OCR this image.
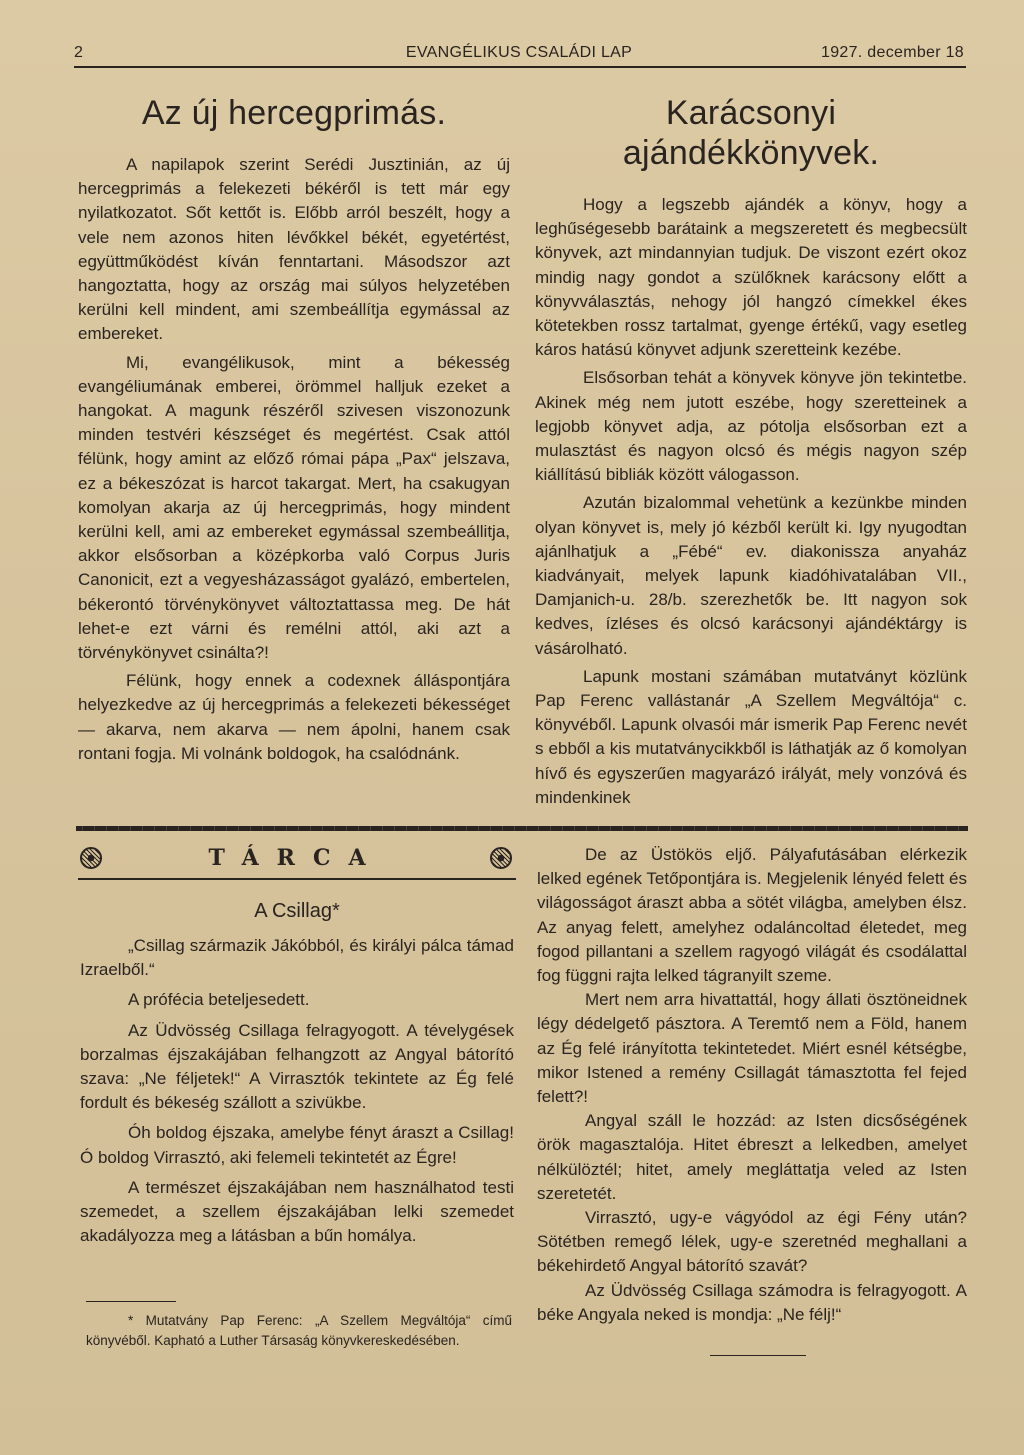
2	EVANGÉLIKUS CSALÁDI LAP	1927. december 18
Az új hercegprimás.

A napilapok szerint Serédi Jusztinián, az új hercegprimás a felekezeti békéről is tett már egy nyilatkozatot. Sőt kettőt is. Előbb arról beszélt, hogy a vele nem azonos hiten lévőkkel békét, egyetértést, együttműködést kíván fenntartani. Másodszor azt hangoztatta, hogy az ország mai súlyos helyzetében kerülni kell mindent, ami szembeállítja egymással az embereket.

Mi, evangélikusok, mint a békesség evangéliumának emberei, örömmel halljuk ezeket a hangokat. A magunk részéről szivesen viszonozunk minden testvéri készséget és megértést. Csak attól félünk, hogy amint az előző római pápa „Pax“ jelszava, ez a békeszózat is harcot takargat. Mert, ha csakugyan komolyan akarja az új hercegprimás, hogy mindent kerülni kell, ami az embereket egymással szembeállitja, akkor elsősorban a középkorba való Corpus Juris Canonicit, ezt a vegyesházasságot gyalázó, embertelen, békerontó törvénykönyvet változtattassa meg. De hát lehet-e ezt várni és remélni attól, aki azt a törvénykönyvet csinálta?!

Félünk, hogy ennek a codexnek álláspontjára helyezkedve az új hercegprimás a felekezeti békességet — akarva, nem akarva — nem ápolni, hanem csak rontani fogja. Mi volnánk boldogok, ha csalódnánk.

Karácsonyi ajándékkönyvek.

Hogy a legszebb ajándék a könyv, hogy a leghűségesebb barátaink a megszeretett és megbecsült könyvek, azt mindannyian tudjuk. De viszont ezért okoz mindig nagy gondot a szülőknek karácsony előtt a könyvválasztás, nehogy jól hangzó címekkel ékes kötetekben rossz tartalmat, gyenge értékű, vagy esetleg káros hatású könyvet adjunk szeretteink kezébe.

Elsősorban tehát a könyvek könyve jön tekintetbe. Akinek még nem jutott eszébe, hogy szeretteinek a legjobb könyvet adja, az pótolja elsősorban ezt a mulasztást és nagyon olcsó és mégis nagyon szép kiállítású bibliák között válogasson.

Azután bizalommal vehetünk a kezünkbe minden olyan könyvet is, mely jó kézből került ki. Igy nyugodtan ajánlhatjuk a „Fébé“ ev. diakonissza anyaház kiadványait, melyek lapunk kiadóhivatalában VII., Damjanich-u. 28/b. szerezhetők be. Itt nagyon sok kedves, ízléses és olcsó karácsonyi ajándéktárgy is vásárolható.

Lapunk mostani számában mutatványt közlünk Pap Ferenc vallástanár „A Szellem Megváltója“ c. könyvéből. Lapunk olvasói már ismerik Pap Ferenc nevét s ebből a kis mutatványcikkből is láthatják az ő komolyan hívő és egyszerűen magyarázó irályát, mely vonzóvá és mindenkinek

TÁRCA
A Csillag*

„Csillag származik Jákóbból, és királyi pálca támad Izraelből.“

A prófécia beteljesedett.

Az Üdvösség Csillaga felragyogott. A tévelygések borzalmas éjszakájában felhangzott az Angyal bátorító szava: „Ne féljetek!“ A Virrasztók tekintete az Ég felé fordult és békeség szállott a szivükbe.

Óh boldog éjszaka, amelybe fényt áraszt a Csillag! Ó boldog Virrasztó, aki felemeli tekintetét az Égre!

A természet éjszakájában nem használhatod testi szemedet, a szellem éjszakájában lelki szemedet akadályozza meg a látásban a bűn homálya.

* Mutatvány Pap Ferenc: „A Szellem Megváltója“ című könyvéből. Kapható a Luther Társaság könyvkereskedésében.

De az Üstökös eljő. Pályafutásában elérkezik lelked egének Tetőpontjára is. Megjelenik lényéd felett és világosságot áraszt abba a sötét világba, amelyben élsz. Az anyag felett, amelyhez odaláncoltad életedet, meg fogod pillantani a szellem ragyogó világát és csodálattal fog függni rajta lelked tágranyilt szeme.

Mert nem arra hivattattál, hogy állati ösztöneidnek légy dédelgető pásztora. A Teremtő nem a Föld, hanem az Ég felé irányította tekintetedet. Miért esnél kétségbe, mikor Istened a remény Csillagát támasztotta fel fejed felett?!

Angyal száll le hozzád: az Isten dicsőségének örök magasztalója. Hitet ébreszt a lelkedben, amelyet nélkülöztél; hitet, amely megláttatja veled az Isten szeretetét.

Virrasztó, ugy-e vágyódol az égi Fény után? Sötétben remegő lélek, ugy-e szeretnéd meghallani a békehirdető Angyal bátorító szavát?

Az Üdvösség Csillaga számodra is felragyogott. A béke Angyala neked is mondja: „Ne félj!“
